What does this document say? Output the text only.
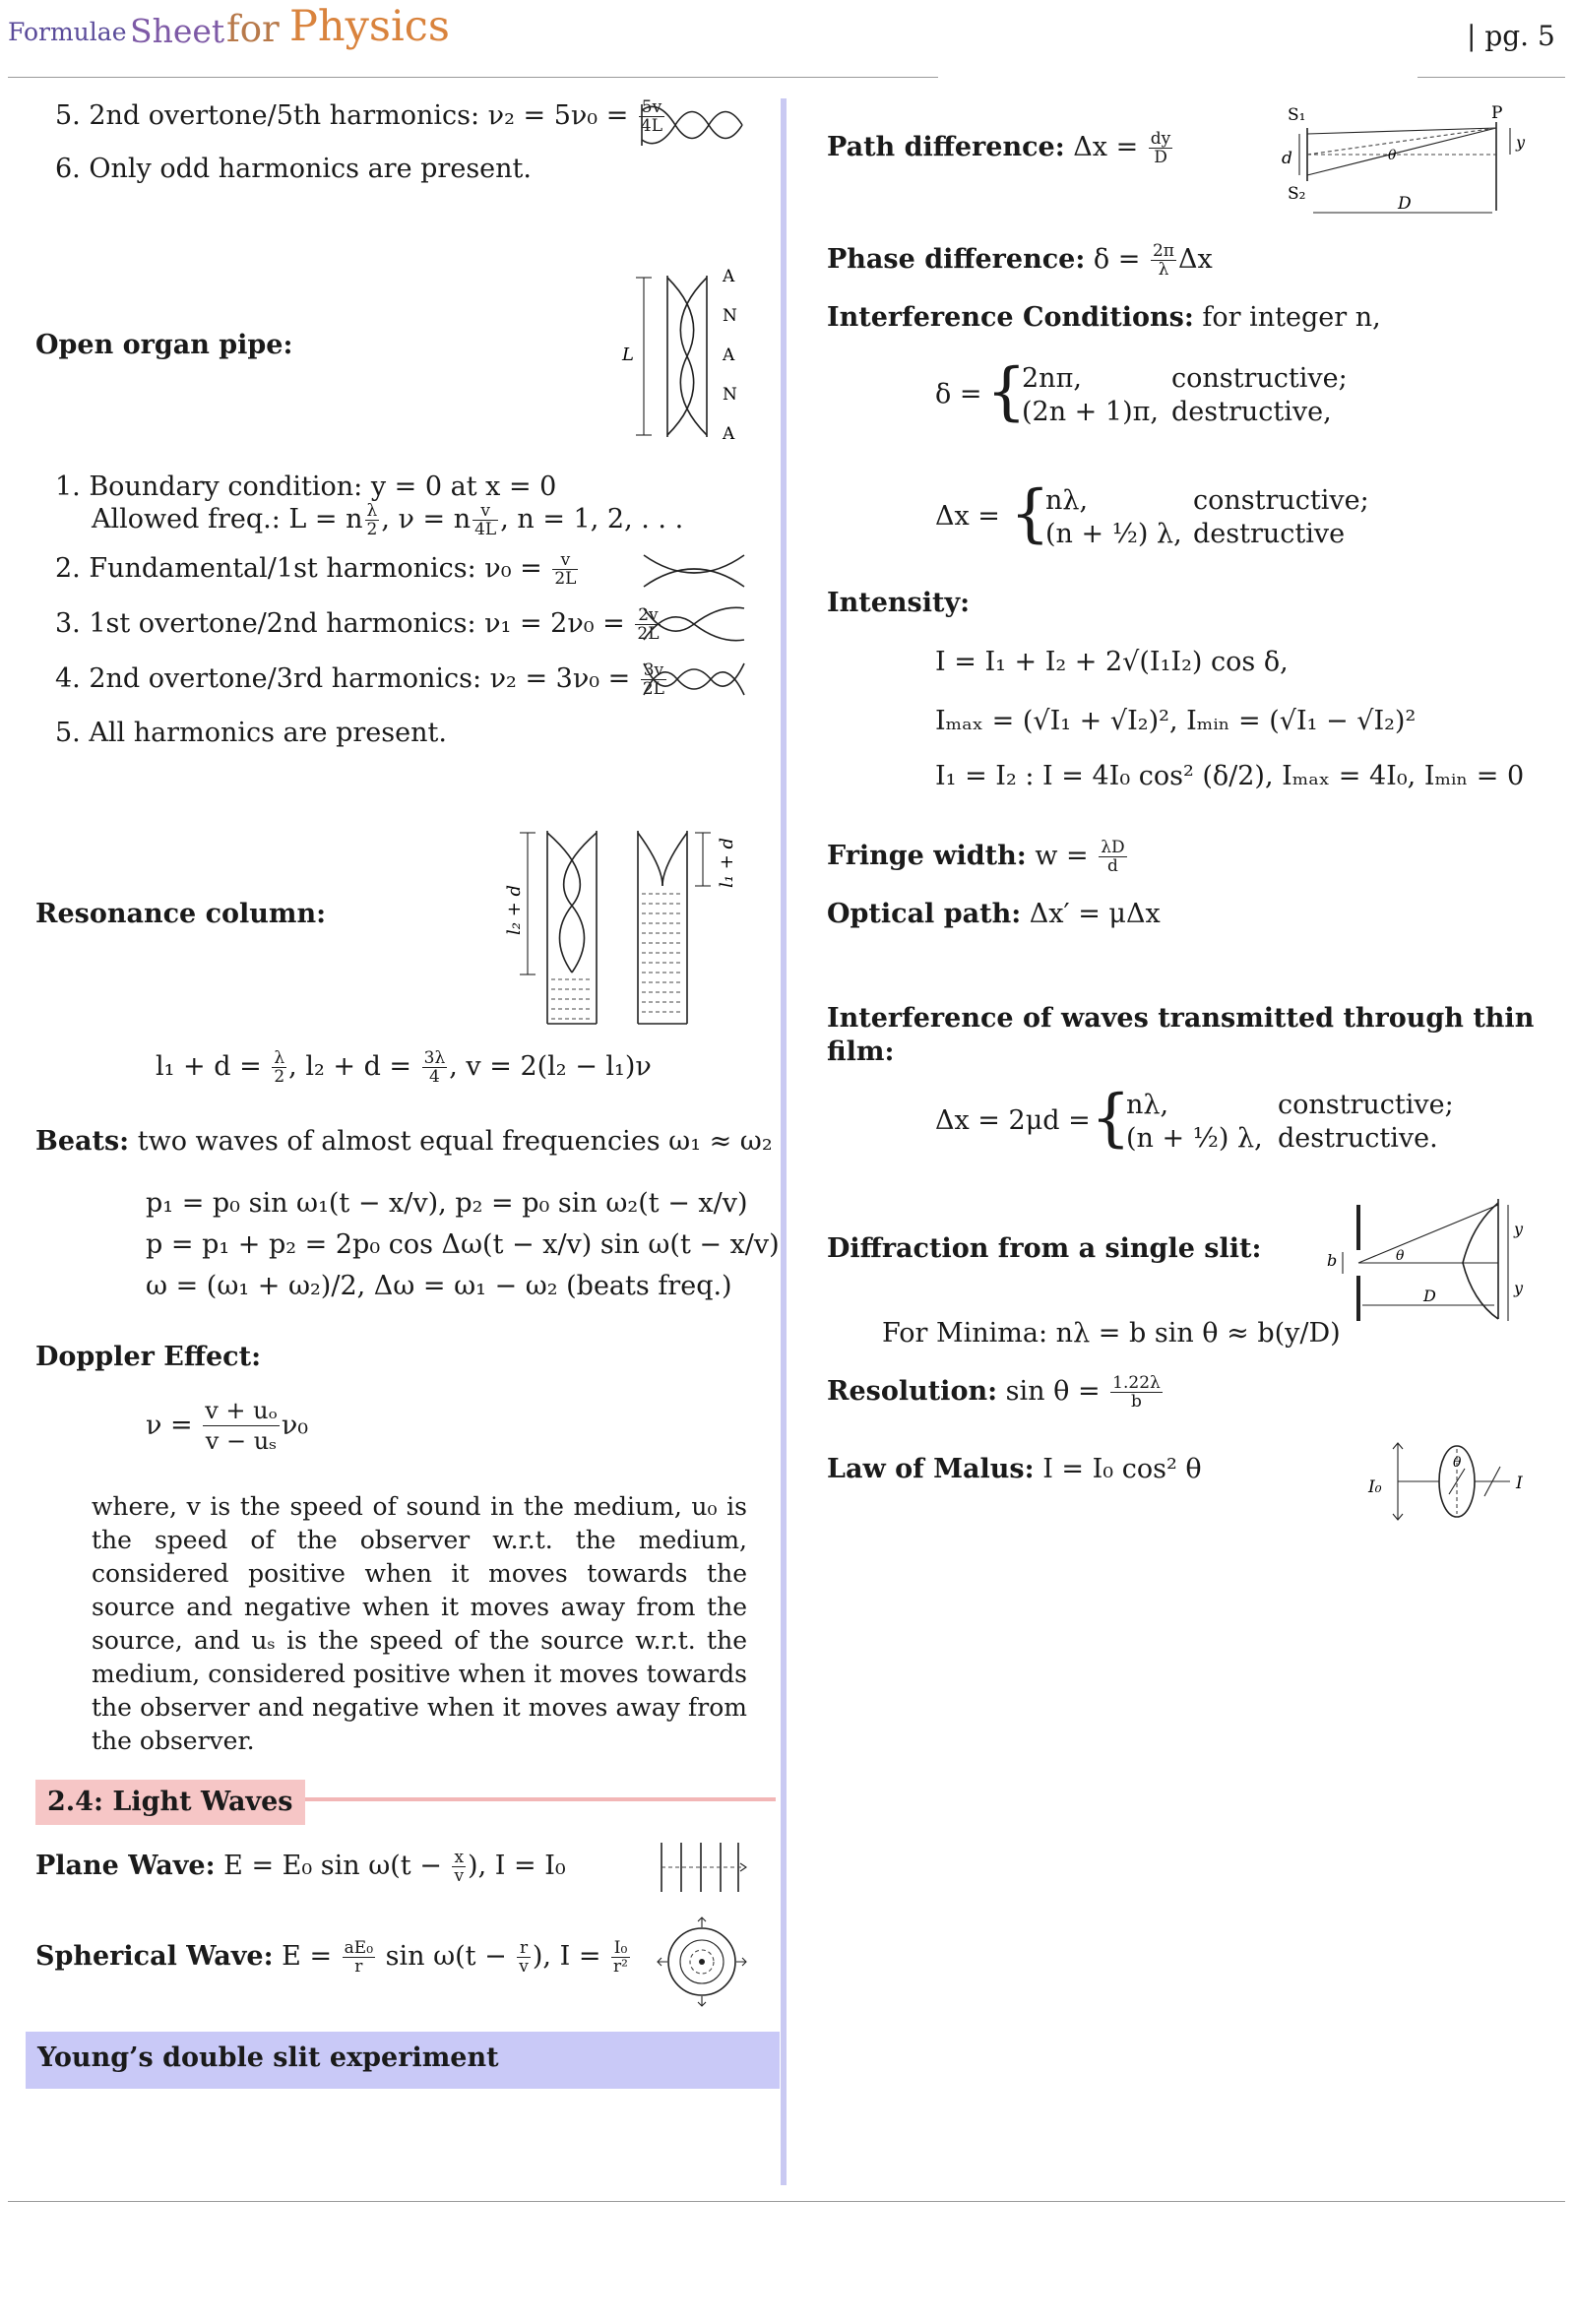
Formulae Sheet for Physics	| pg. 5
5. 2nd overtone/5th harmonics: $\nu_2 = 5\nu_0 = \frac{5v}{4L}$
6. Only odd harmonics are present.
Open organ pipe:	L
A
N
A
N
A
1. Boundary condition: y = 0 at x = 0
Allowed freq.: L = n $\frac{\lambda}{2}$ , ν = n $\frac{v}{4L}$ , n = 1, 2, . . .
2. Fundamental/1st harmonics: $\nu_0 = \frac{v}{2L}$
3. 1st overtone/2nd harmonics: $\nu_1 = 2\nu_0 = \frac{2v}{2L}$
4. 2nd overtone/3rd harmonics: $\nu_2 = 3\nu_0 = \frac{3v}{2L}$
5. All harmonics are present.
Resonance column:	l₂ + d
l₁ + d
$l_1 + d = \frac{\lambda}{2}$ , $l_2 + d = \frac{3\lambda}{4}$ , v = 2(l₂ − l₁)ν
Beats: two waves of almost equal frequencies ω₁ ≈ ω₂
p₁ = p₀ sin ω₁(t − x/v), p₂ = p₀ sin ω₂(t − x/v)
p = p₁ + p₂ = 2p₀ cos Δω(t − x/v) sin ω(t − x/v)
ω = (ω₁ + ω₂)/2, Δω = ω₁ − ω₂ (beats freq.)
Doppler Effect:
$\nu = \frac{\text{v + uₒ}}{\text{v − uₛ}} \nu_0$
where, v is the speed of sound in the medium, u₀ is the speed of the observer w.r.t. the medium, considered positive when it moves towards the source and negative when it moves away from the source, and uₛ is the speed of the source w.r.t. the medium, considered positive when it moves towards the observer and negative when it moves away from the observer.
2.4: Light Waves
Plane Wave: E = E₀ $\sin \omega(t - \frac{x}{v}$ ), I = I₀
Spherical Wave: $E = \frac{\text{aE₀}}{r}$ $\sin \omega(t - \frac{r}{v}$ ), $I = \frac{\text{I₀}}{\text{r²}}$
Young’s double slit experiment
Path difference: $\Delta x = \frac{dy}{D}$
S₁
S₂
d	θ
P
y
D
Phase difference: $\delta = \frac{2\pi}{\lambda}$ Δx
Interference Conditions: for integer n,
δ = {
2nπ,	constructive;
(2n + 1)π, destructive,
Δx = {
nλ,	constructive;
(n + ½) λ, destructive
Intensity:
I = I₁ + I₂ + 2√(I₁I₂) cos δ,
Iₘₐₓ = (√I₁ + √I₂)², Iₘᵢₙ = (√I₁ − √I₂)²
I₁ = I₂ : I = 4I₀ cos² (δ/2), Iₘₐₓ = 4I₀, Iₘᵢₙ = 0
Fringe width: $w = \frac{\lambda D}{d}$
Optical path: Δx′ = μΔx
Interference of waves transmitted through thin film:
Δx = 2μd = {
nλ,	constructive;
(n + ½) λ, destructive.
Diffraction from a single slit:	b	θ
D
y
y
For Minima: nλ = b sin θ ≈ b(y/D)
Resolution: $\sin \theta = \frac{1.22\lambda}{b}$
Law of Malus: I = I₀ cos² θ
I₀
θ
I
